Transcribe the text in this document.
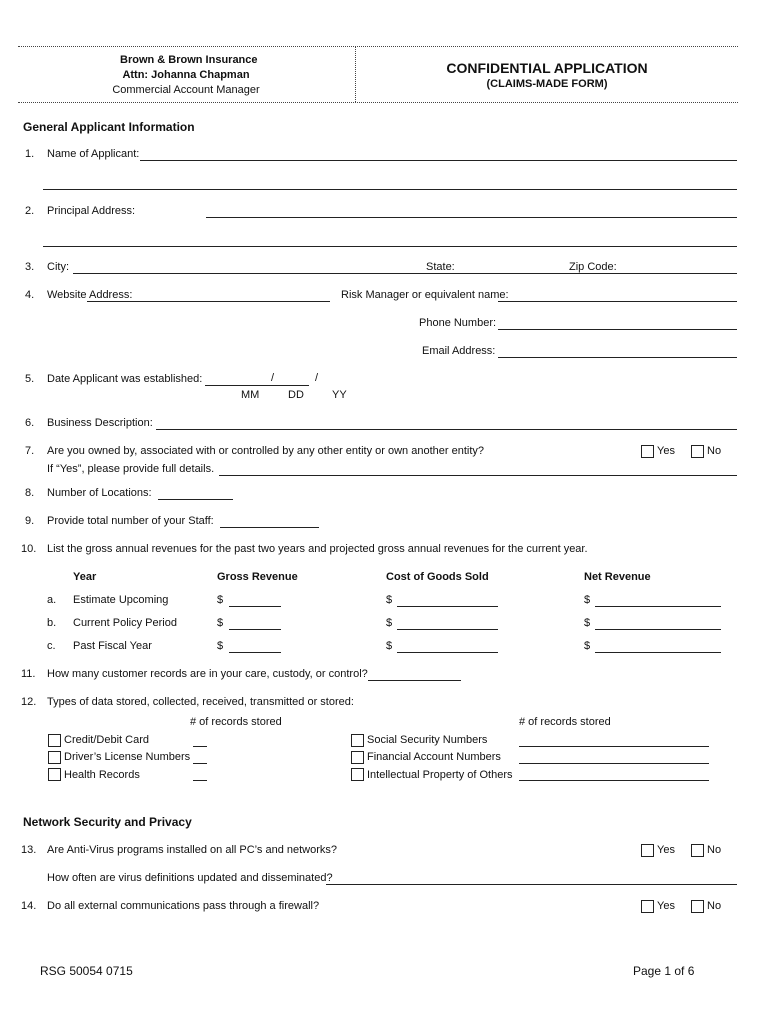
Brown & Brown Insurance
Attn: Johanna Chapman
Commercial Account Manager
CONFIDENTIAL APPLICATION
(CLAIMS-MADE FORM)
General Applicant Information
1. Name of Applicant:
2. Principal Address:
3. City:	State:	Zip Code:
4. Website Address:	Risk Manager or equivalent name:
Phone Number:
Email Address:
5. Date Applicant was established:	/	/
MM	DD	YY
6. Business Description:
7. Are you owned by, associated with or controlled by any other entity or own another entity?	Yes	No
If “Yes”, please provide full details.
8. Number of Locations:
9. Provide total number of your Staff:
10. List the gross annual revenues for the past two years and projected gross annual revenues for the current year.
Year	Gross Revenue	Cost of Goods Sold	Net Revenue
a. Estimate Upcoming	$	$	$
b. Current Policy Period	$	$	$
c. Past Fiscal Year	$	$	$
11. How many customer records are in your care, custody, or control?
12. Types of data stored, collected, received, transmitted or stored:
# of records stored	# of records stored
Credit/Debit Card
Driver’s License Numbers
Health Records
Social Security Numbers
Financial Account Numbers
Intellectual Property of Others
Network Security and Privacy
13. Are Anti-Virus programs installed on all PC’s and networks?	Yes	No
How often are virus definitions updated and disseminated?
14. Do all external communications pass through a firewall?	Yes	No
RSG 50054 0715	Page 1 of 6
